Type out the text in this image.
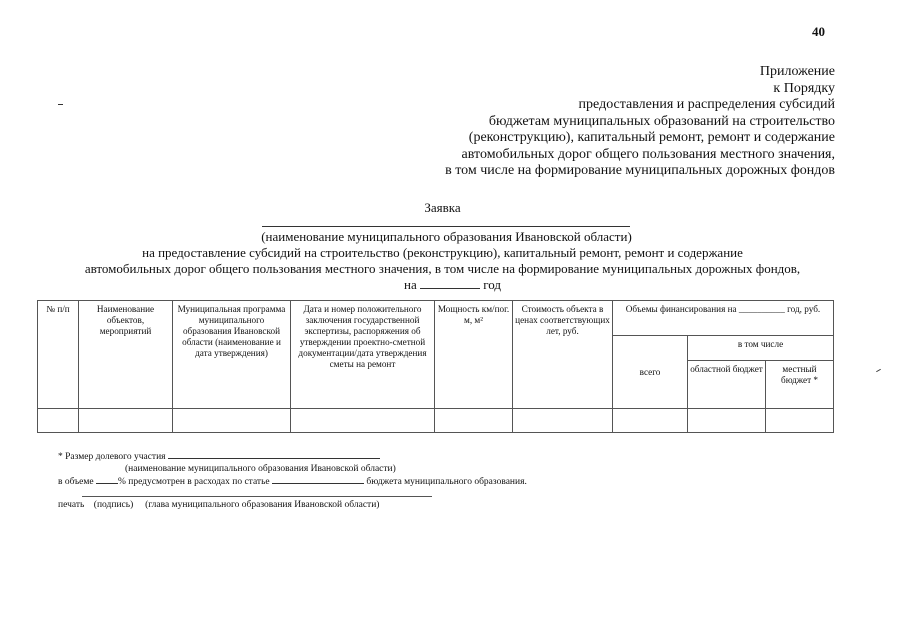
40
Приложение
к Порядку
предоставления и распределения субсидий
бюджетам муниципальных образований на строительство
(реконструкцию), капитальный ремонт, ремонт и содержание
автомобильных дорог общего пользования местного значения,
в том числе на формирование муниципальных дорожных фондов
Заявка
(наименование муниципального образования Ивановской области)
на предоставление субсидий на строительство (реконструкцию), капитальный ремонт, ремонт и содержание
автомобильных дорог общего пользования местного значения, в том числе на формирование муниципальных дорожных фондов,
на	год
№ п/п	Наименование объектов, мероприятий	Муниципальная программа муниципального образования Ивановской области (наименование и дата утверждения)	Дата и номер положительного заключения государственной экспертизы, распоряжения об утверждении проектно-сметной документации/дата утверждения сметы на ремонт	Мощность км/пог. м, м²	Стоимость объекта в ценах соответствующих лет, руб.	Объемы финансирования на __________ год, руб.		
						всего	в том числе	
							областной бюджет	местный бюджет *

* Размер долевого участия
(наименование муниципального образования Ивановской области)
в объеме	% предусмотрен в расходах по статье	бюджета муниципального образования.
печать    (подпись)     (глава муниципального образования Ивановской области)
